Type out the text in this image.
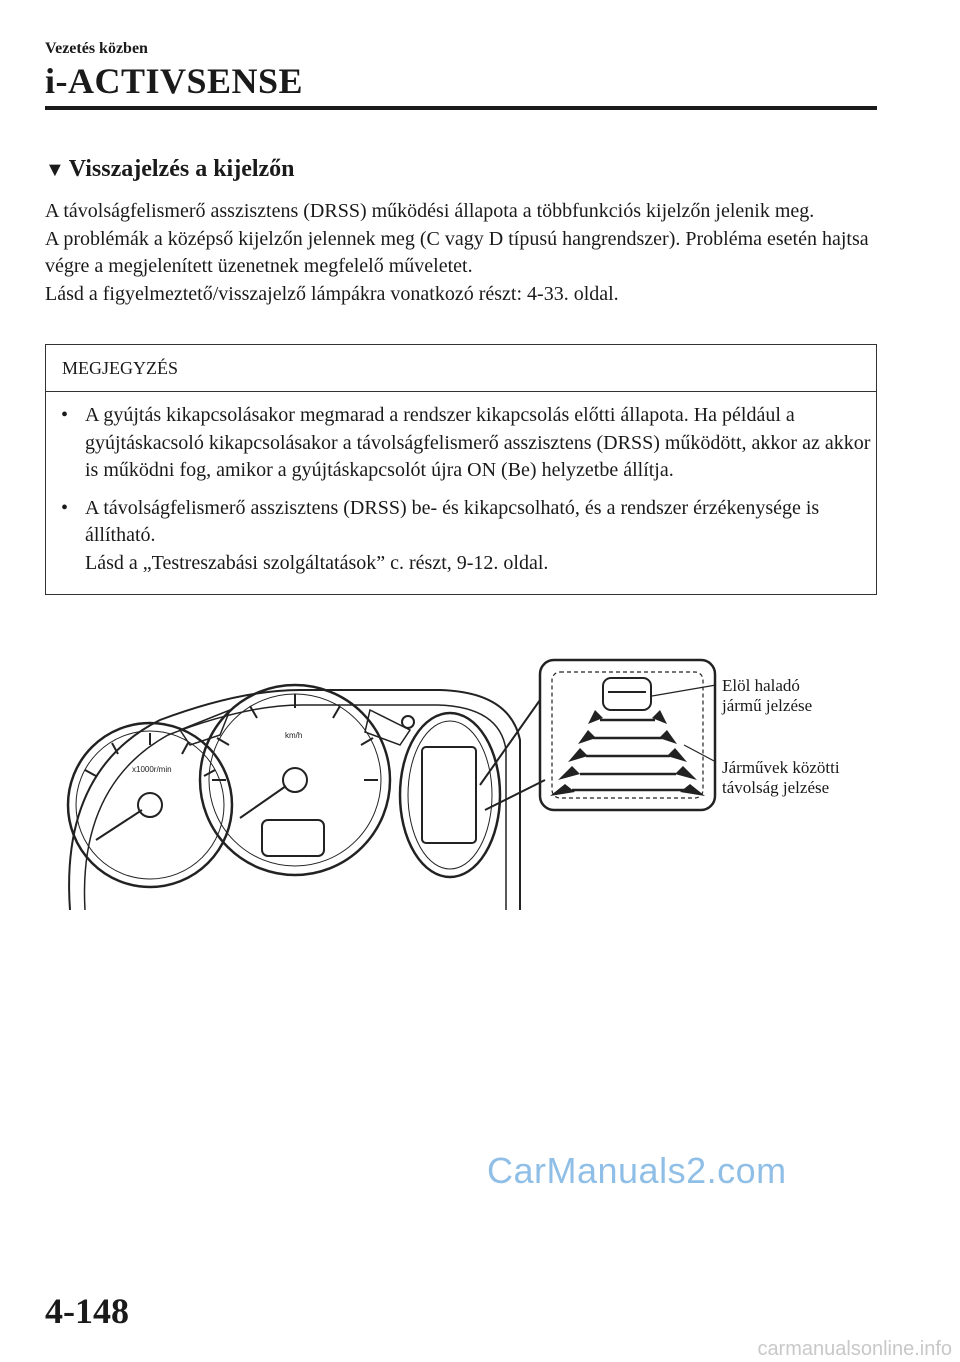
Vezetés közben
i-ACTIVSENSE
▼ Visszajelzés a kijelzőn

A távolságfelismerő asszisztens (DRSS) működési állapota a többfunkciós kijelzőn jelenik meg.

A problémák a középső kijelzőn jelennek meg (C vagy D típusú hangrendszer). Probléma esetén hajtsa végre a megjelenített üzenetnek megfelelő műveletet.

Lásd a figyelmeztető/visszajelző lámpákra vonatkozó részt: 4-33. oldal.

MEGJEGYZÉS
• A gyújtás kikapcsolásakor megmarad a rendszer kikapcsolás előtti állapota. Ha például a gyújtáskacsoló kikapcsolásakor a távolságfelismerő asszisztens (DRSS) működött, akkor az akkor is működni fog, amikor a gyújtáskapcsolót újra ON (Be) helyzetbe állítja.
• A távolságfelismerő asszisztens (DRSS) be- és kikapcsolható, és a rendszer érzékenysége is állítható.
Lásd a „Testreszabási szolgáltatások” c. részt, 9-12. oldal.
x1000r/min
km/h
Elöl haladó
jármű jelzése
Járművek közötti
távolság jelzése
CarManuals2.com
4-148
carmanualsonline.info
